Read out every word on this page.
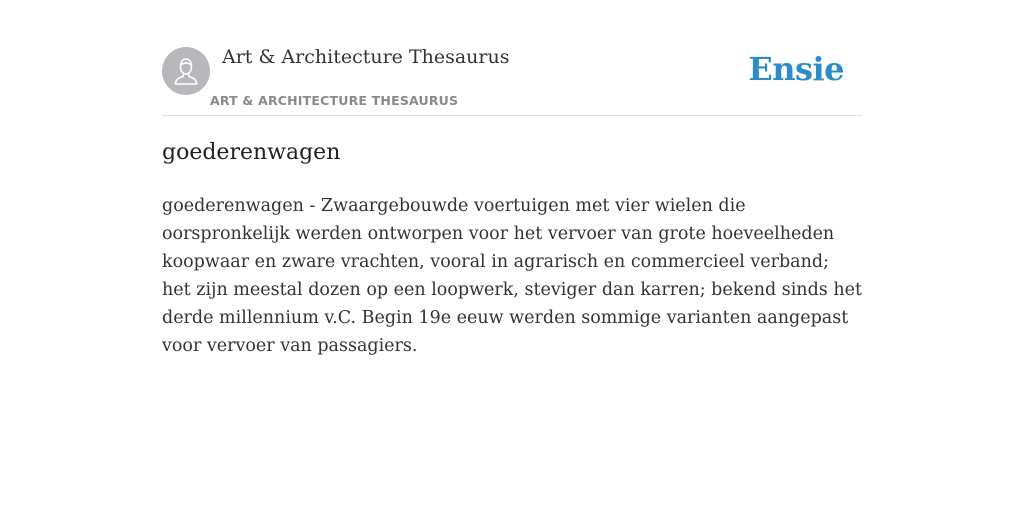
Art & Architecture Thesaurus
ART & ARCHITECTURE THESAURUS
Ensie
goederenwagen

goederenwagen - Zwaargebouwde voertuigen met vier wielen die oorspronkelijk werden ontworpen voor het vervoer van grote hoeveelheden koopwaar en zware vrachten, vooral in agrarisch en commercieel verband; het zijn meestal dozen op een loopwerk, steviger dan karren; bekend sinds het derde millennium v.C. Begin 19e eeuw werden sommige varianten aangepast voor vervoer van passagiers.
